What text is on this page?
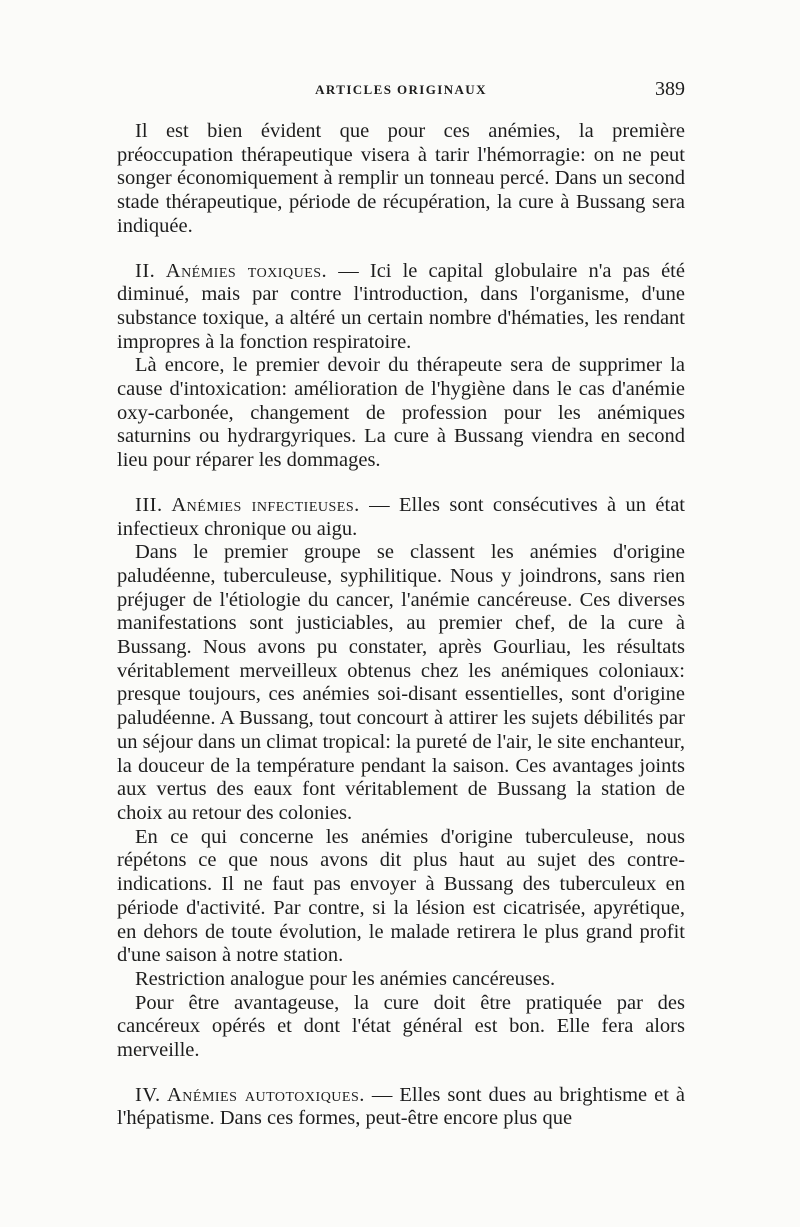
ARTICLES ORIGINAUX	389

Il est bien évident que pour ces anémies, la première préoccupation thérapeutique visera à tarir l'hémorragie: on ne peut songer économiquement à remplir un tonneau percé. Dans un second stade thérapeutique, période de récupération, la cure à Bussang sera indiquée.

II. Anémies toxiques. — Ici le capital globulaire n'a pas été diminué, mais par contre l'introduction, dans l'organisme, d'une substance toxique, a altéré un certain nombre d'hématies, les rendant impropres à la fonction respiratoire.

Là encore, le premier devoir du thérapeute sera de supprimer la cause d'intoxication: amélioration de l'hygiène dans le cas d'anémie oxy-carbonée, changement de profession pour les anémiques saturnins ou hydrargyriques. La cure à Bussang viendra en second lieu pour réparer les dommages.

III. Anémies infectieuses. — Elles sont consécutives à un état infectieux chronique ou aigu.

Dans le premier groupe se classent les anémies d'origine paludéenne, tuberculeuse, syphilitique. Nous y joindrons, sans rien préjuger de l'étiologie du cancer, l'anémie cancéreuse. Ces diverses manifestations sont justiciables, au premier chef, de la cure à Bussang. Nous avons pu constater, après Gourliau, les résultats véritablement merveilleux obtenus chez les anémiques coloniaux: presque toujours, ces anémies soi-disant essentielles, sont d'origine paludéenne. A Bussang, tout concourt à attirer les sujets débilités par un séjour dans un climat tropical: la pureté de l'air, le site enchanteur, la douceur de la température pendant la saison. Ces avantages joints aux vertus des eaux font véritablement de Bussang la station de choix au retour des colonies.

En ce qui concerne les anémies d'origine tuberculeuse, nous répétons ce que nous avons dit plus haut au sujet des contre-indications. Il ne faut pas envoyer à Bussang des tuberculeux en période d'activité. Par contre, si la lésion est cicatrisée, apyrétique, en dehors de toute évolution, le malade retirera le plus grand profit d'une saison à notre station.

Restriction analogue pour les anémies cancéreuses.

Pour être avantageuse, la cure doit être pratiquée par des cancéreux opérés et dont l'état général est bon. Elle fera alors merveille.

IV. Anémies autotoxiques. — Elles sont dues au brightisme et à l'hépatisme. Dans ces formes, peut-être encore plus que
